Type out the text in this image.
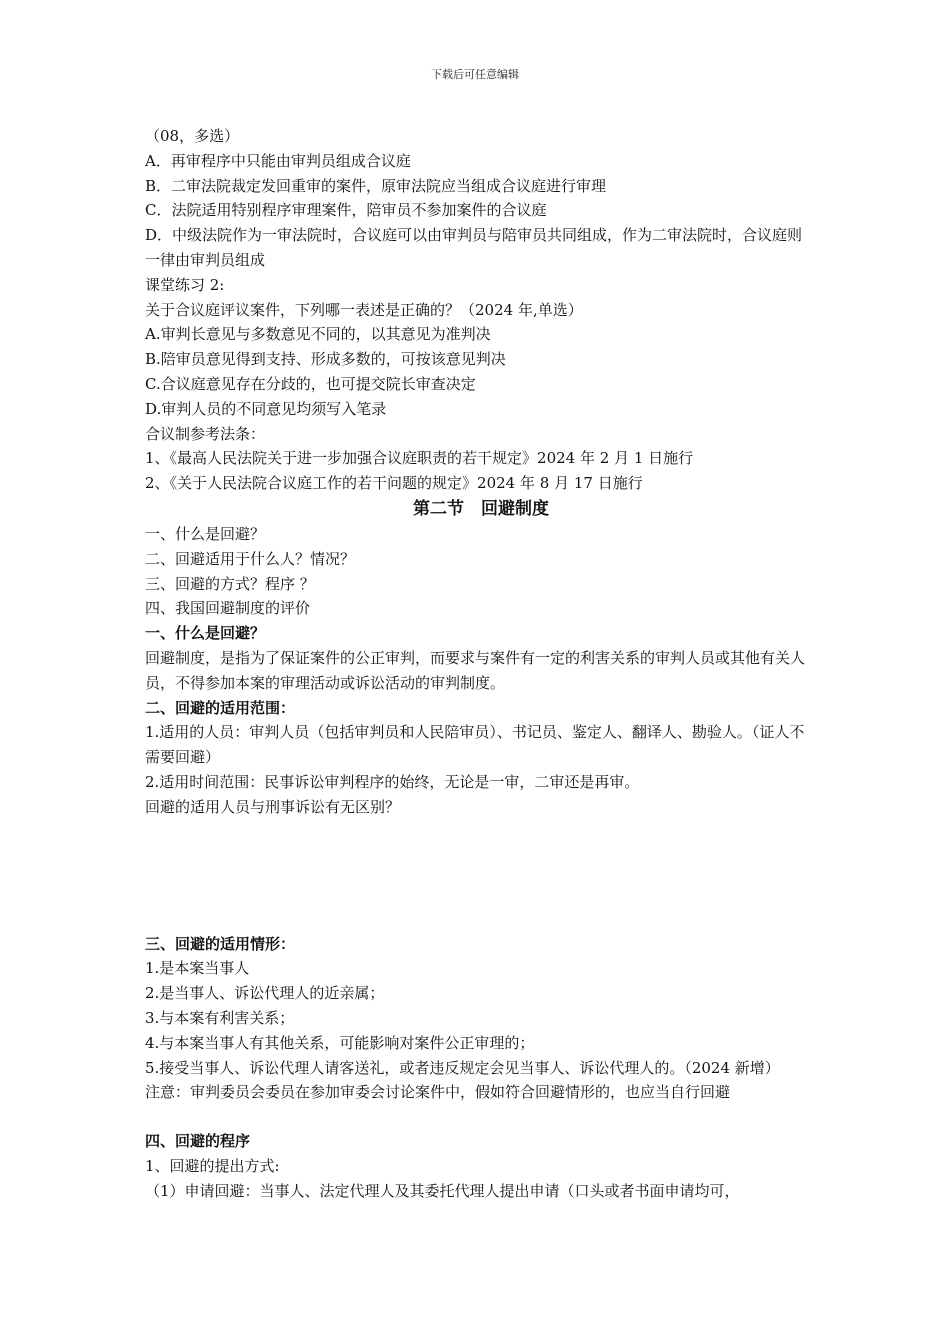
下载后可任意编辑
（08，多选）
A．再审程序中只能由审判员组成合议庭
B．二审法院裁定发回重审的案件，原审法院应当组成合议庭进行审理
C．法院适用特别程序审理案件，陪审员不参加案件的合议庭
D．中级法院作为一审法院时，合议庭可以由审判员与陪审员共同组成，作为二审法院时，合议庭则一律由审判员组成
课堂练习 2:
关于合议庭评议案件，下列哪一表述是正确的？（2024 年,单选）
A.审判长意见与多数意见不同的，以其意见为准判决
B.陪审员意见得到支持、形成多数的，可按该意见判决
C.合议庭意见存在分歧的，也可提交院长审查决定
D.审判人员的不同意见均须写入笔录
合议制参考法条：
1、《最高人民法院关于进一步加强合议庭职责的若干规定》2024 年 2 月 1 日施行
2、《关于人民法院合议庭工作的若干问题的规定》2024 年 8 月 17 日施行
第二节　回避制度
一、什么是回避？
二、回避适用于什么人？情况？
三、回避的方式？程序 ？
四、我国回避制度的评价
一、什么是回避？
回避制度，是指为了保证案件的公正审判，而要求与案件有一定的利害关系的审判人员或其他有关人员，不得参加本案的审理活动或诉讼活动的审判制度。
二、回避的适用范围：
1.适用的人员：审判人员（包括审判员和人民陪审员）、书记员、鉴定人、翻译人、勘验人。（证人不需要回避）
2.适用时间范围：民事诉讼审判程序的始终，无论是一审，二审还是再审。
回避的适用人员与刑事诉讼有无区别？
三、回避的适用情形：
1.是本案当事人
2.是当事人、诉讼代理人的近亲属；
3.与本案有利害关系；
4.与本案当事人有其他关系，可能影响对案件公正审理的；
5.接受当事人、诉讼代理人请客送礼，或者违反规定会见当事人、诉讼代理人的。（2024 新增）
注意：审判委员会委员在参加审委会讨论案件中，假如符合回避情形的，也应当自行回避
四、回避的程序
1、回避的提出方式:
（1）申请回避：当事人、法定代理人及其委托代理人提出申请（口头或者书面申请均可，
